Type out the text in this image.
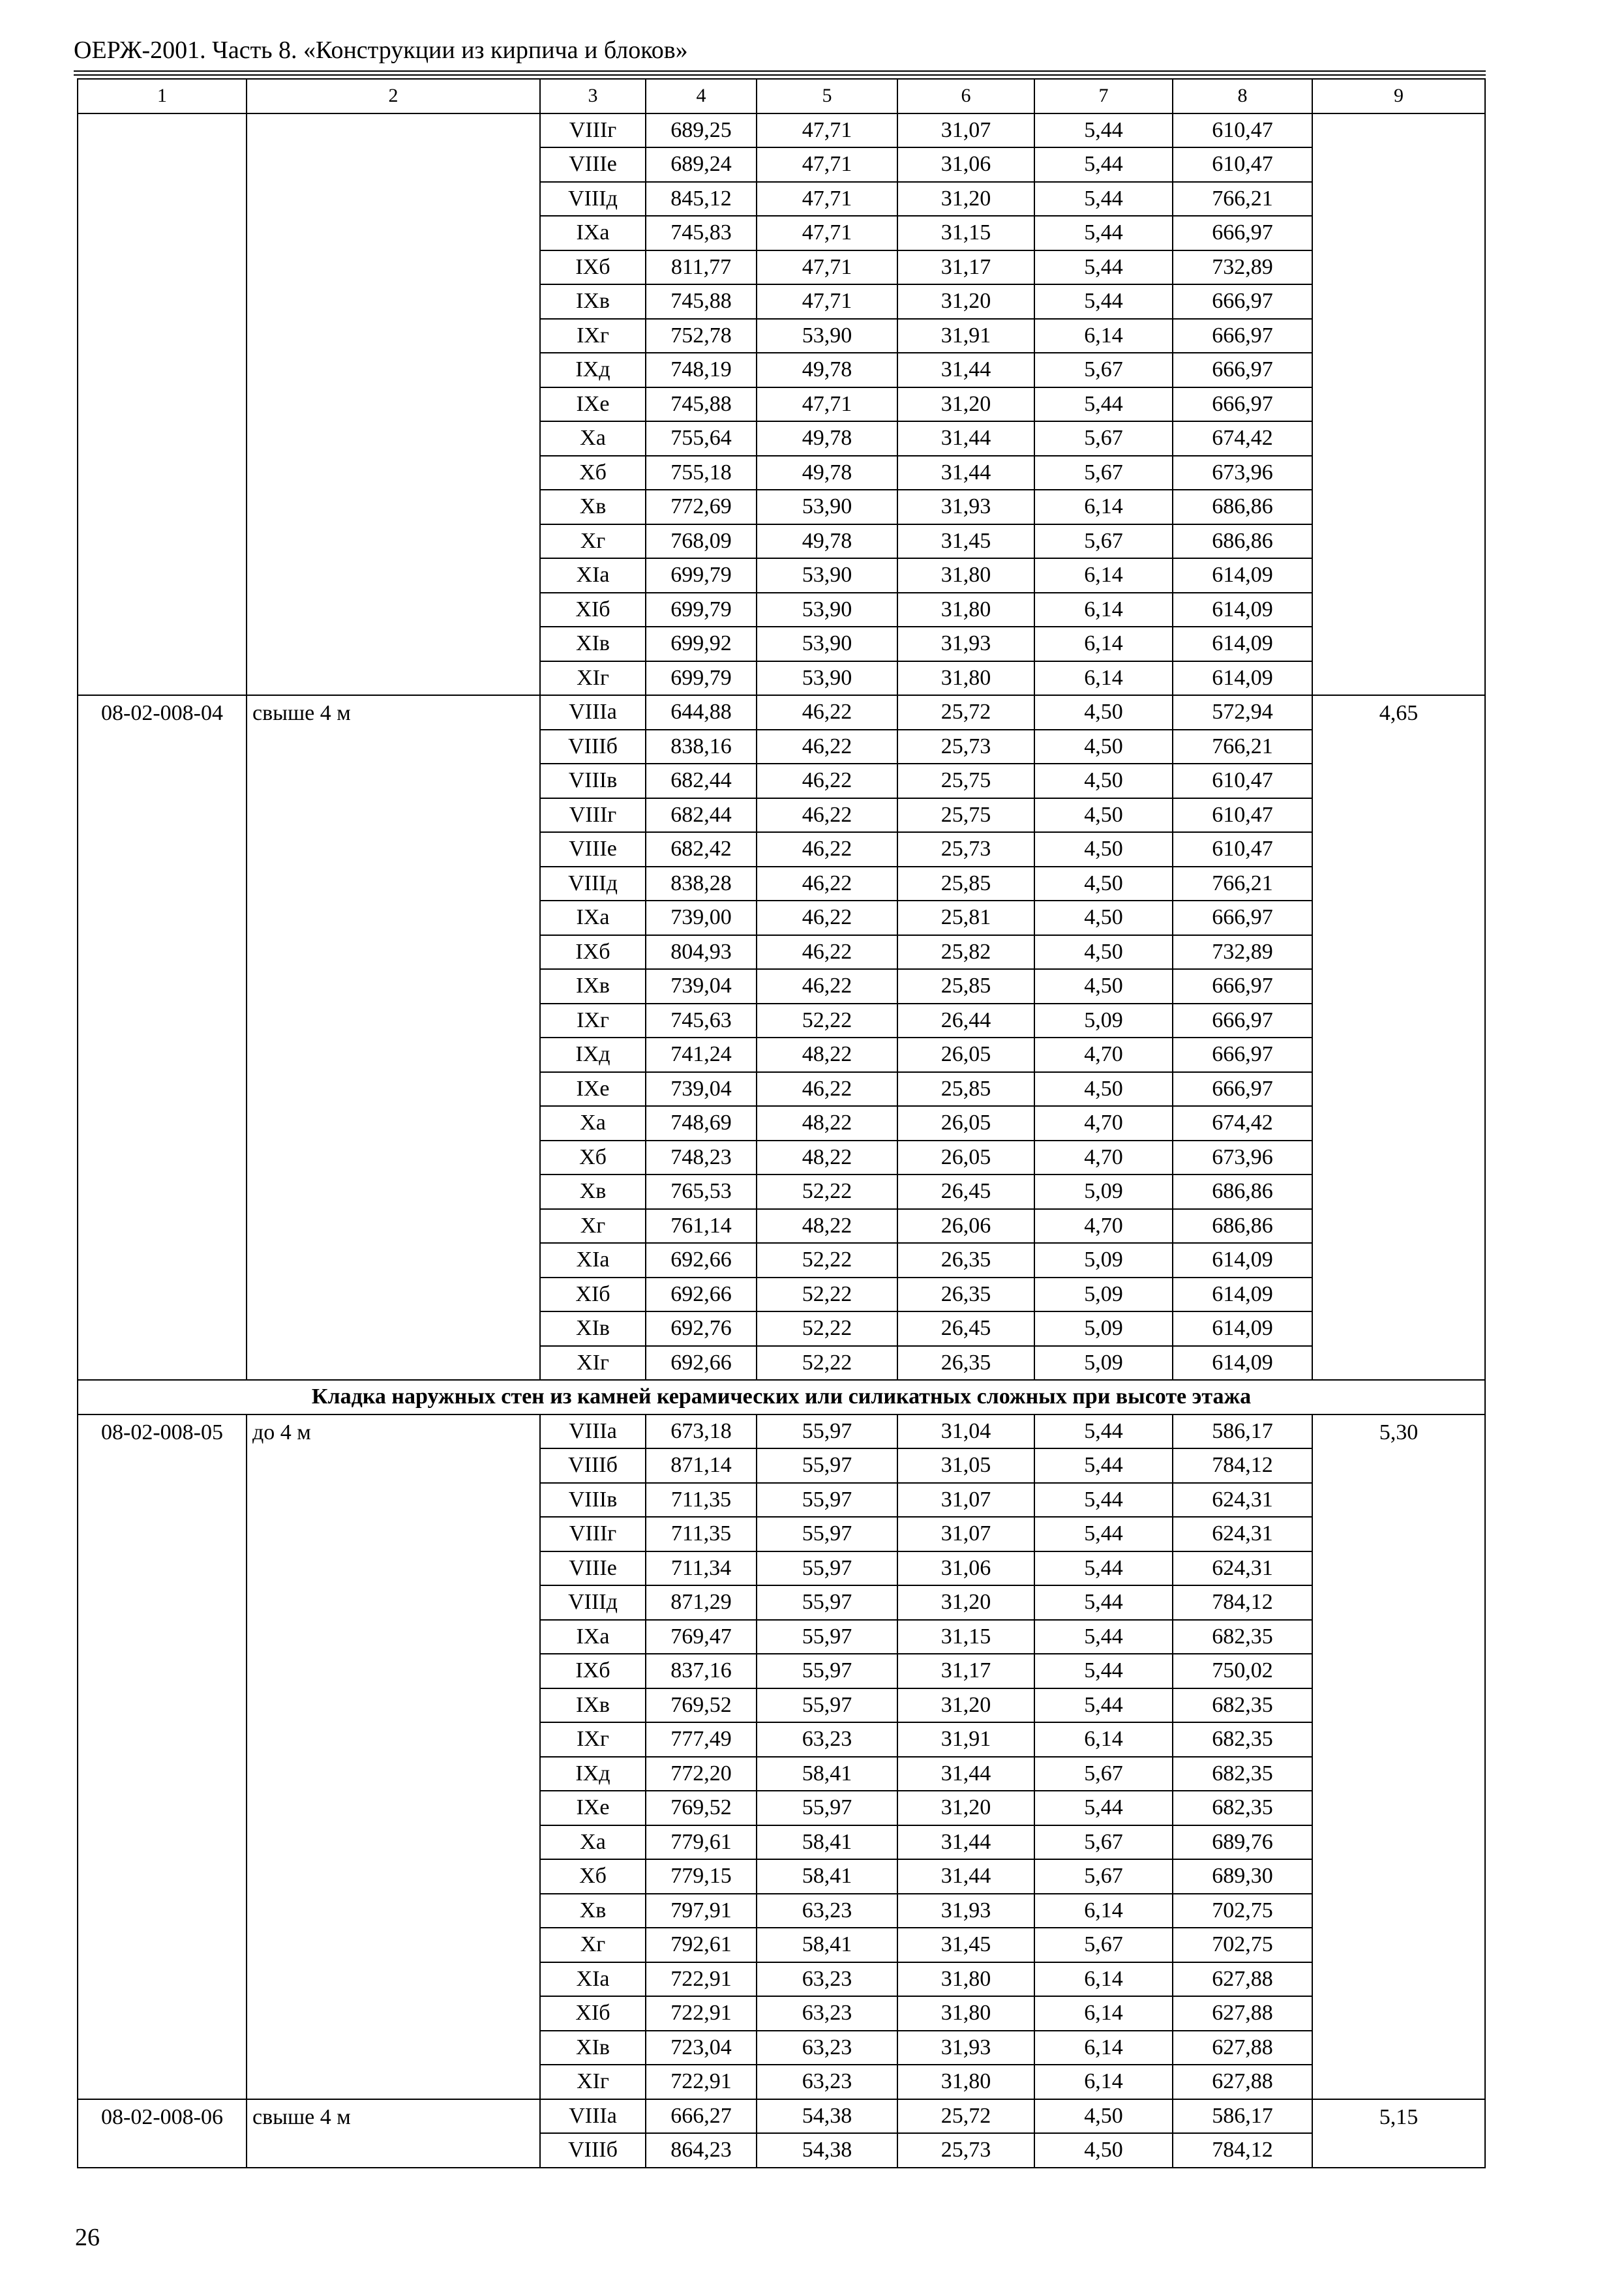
ОЕРЖ-2001. Часть 8. «Конструкции из кирпича и блоков»
1	2	3	4	5	6	7	8	9
		VIIIг	689,25	47,71	31,07	5,44	610,47	
		VIIIе	689,24	47,71	31,06	5,44	610,47	
		VIIIд	845,12	47,71	31,20	5,44	766,21	
		IXа	745,83	47,71	31,15	5,44	666,97	
		IXб	811,77	47,71	31,17	5,44	732,89	
		IXв	745,88	47,71	31,20	5,44	666,97	
		IXг	752,78	53,90	31,91	6,14	666,97	
		IXд	748,19	49,78	31,44	5,67	666,97	
		IXе	745,88	47,71	31,20	5,44	666,97	
		Xа	755,64	49,78	31,44	5,67	674,42	
		Xб	755,18	49,78	31,44	5,67	673,96	
		Xв	772,69	53,90	31,93	6,14	686,86	
		Xг	768,09	49,78	31,45	5,67	686,86	
		XIа	699,79	53,90	31,80	6,14	614,09	
		XIб	699,79	53,90	31,80	6,14	614,09	
		XIв	699,92	53,90	31,93	6,14	614,09	
		XIг	699,79	53,90	31,80	6,14	614,09	
08-02-008-04	свыше 4 м	VIIIа	644,88	46,22	25,72	4,50	572,94	4,65
		VIIIб	838,16	46,22	25,73	4,50	766,21	
		VIIIв	682,44	46,22	25,75	4,50	610,47	
		VIIIг	682,44	46,22	25,75	4,50	610,47	
		VIIIе	682,42	46,22	25,73	4,50	610,47	
		VIIIд	838,28	46,22	25,85	4,50	766,21	
		IXа	739,00	46,22	25,81	4,50	666,97	
		IXб	804,93	46,22	25,82	4,50	732,89	
		IXв	739,04	46,22	25,85	4,50	666,97	
		IXг	745,63	52,22	26,44	5,09	666,97	
		IXд	741,24	48,22	26,05	4,70	666,97	
		IXе	739,04	46,22	25,85	4,50	666,97	
		Xа	748,69	48,22	26,05	4,70	674,42	
		Xб	748,23	48,22	26,05	4,70	673,96	
		Xв	765,53	52,22	26,45	5,09	686,86	
		Xг	761,14	48,22	26,06	4,70	686,86	
		XIа	692,66	52,22	26,35	5,09	614,09	
		XIб	692,66	52,22	26,35	5,09	614,09	
		XIв	692,76	52,22	26,45	5,09	614,09	
		XIг	692,66	52,22	26,35	5,09	614,09	
Кладка наружных стен из камней керамических или силикатных сложных при высоте этажа								
08-02-008-05	до 4 м	VIIIа	673,18	55,97	31,04	5,44	586,17	5,30
		VIIIб	871,14	55,97	31,05	5,44	784,12	
		VIIIв	711,35	55,97	31,07	5,44	624,31	
		VIIIг	711,35	55,97	31,07	5,44	624,31	
		VIIIе	711,34	55,97	31,06	5,44	624,31	
		VIIIд	871,29	55,97	31,20	5,44	784,12	
		IXа	769,47	55,97	31,15	5,44	682,35	
		IXб	837,16	55,97	31,17	5,44	750,02	
		IXв	769,52	55,97	31,20	5,44	682,35	
		IXг	777,49	63,23	31,91	6,14	682,35	
		IXд	772,20	58,41	31,44	5,67	682,35	
		IXе	769,52	55,97	31,20	5,44	682,35	
		Xа	779,61	58,41	31,44	5,67	689,76	
		Xб	779,15	58,41	31,44	5,67	689,30	
		Xв	797,91	63,23	31,93	6,14	702,75	
		Xг	792,61	58,41	31,45	5,67	702,75	
		XIа	722,91	63,23	31,80	6,14	627,88	
		XIб	722,91	63,23	31,80	6,14	627,88	
		XIв	723,04	63,23	31,93	6,14	627,88	
		XIг	722,91	63,23	31,80	6,14	627,88	
08-02-008-06	свыше 4 м	VIIIа	666,27	54,38	25,72	4,50	586,17	5,15
		VIIIб	864,23	54,38	25,73	4,50	784,12	
26
